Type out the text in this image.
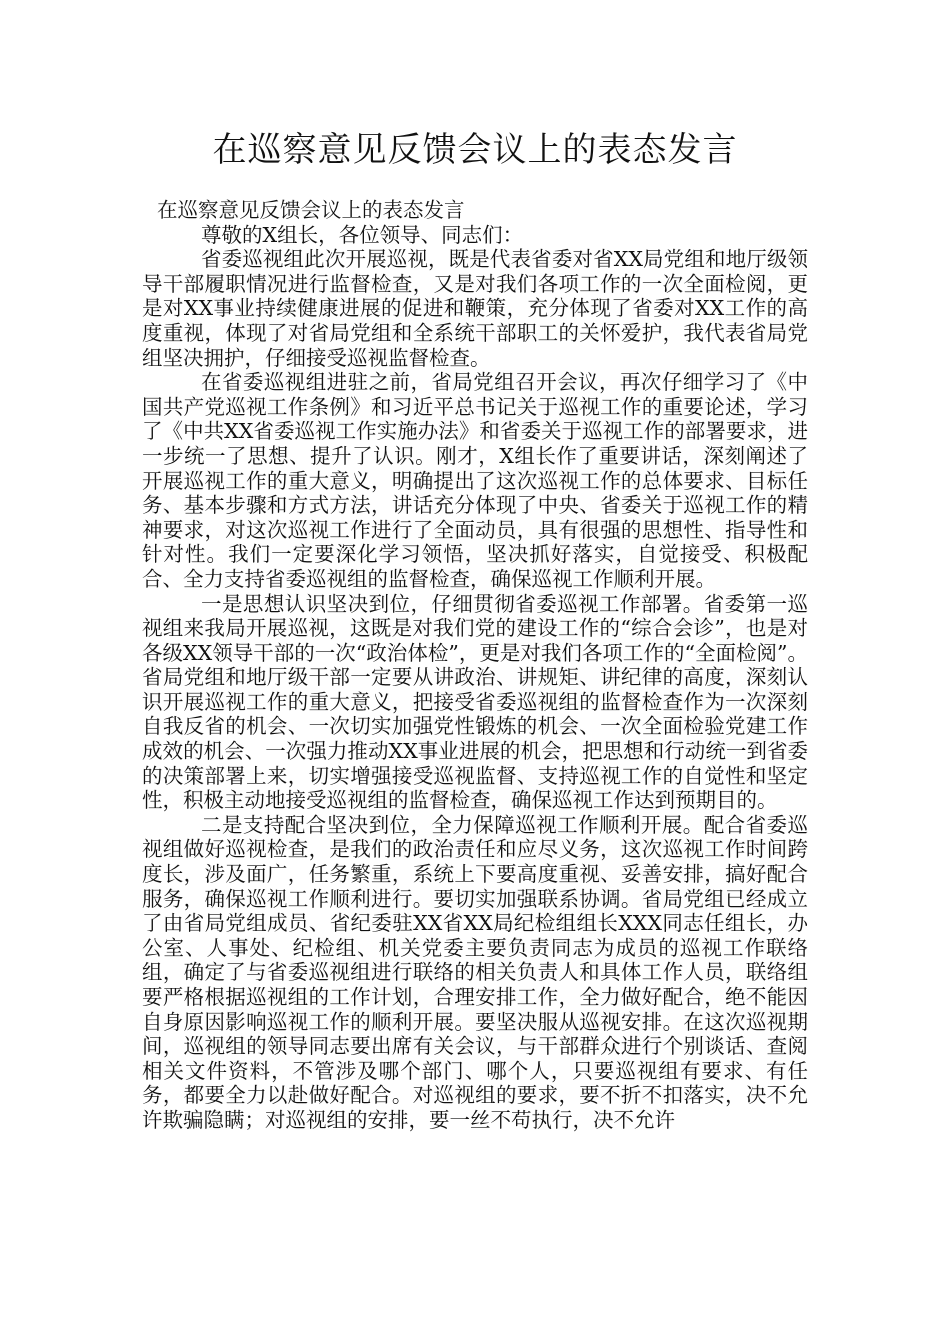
在巡察意见反馈会议上的表态发言

在巡察意见反馈会议上的表态发言

尊敬的X组长，各位领导、同志们：

省委巡视组此次开展巡视，既是代表省委对省XX局党组和地厅级领导干部履职情况进行监督检查，又是对我们各项工作的一次全面检阅，更是对XX事业持续健康进展的促进和鞭策，充分体现了省委对XX工作的高度重视，体现了对省局党组和全系统干部职工的关怀爱护，我代表省局党组坚决拥护，仔细接受巡视监督检查。

在省委巡视组进驻之前，省局党组召开会议，再次仔细学习了《中国共产党巡视工作条例》和习近平总书记关于巡视工作的重要论述，学习了《中共XX省委巡视工作实施办法》和省委关于巡视工作的部署要求，进一步统一了思想、提升了认识。刚才，X组长作了重要讲话，深刻阐述了开展巡视工作的重大意义，明确提出了这次巡视工作的总体要求、目标任务、基本步骤和方式方法，讲话充分体现了中央、省委关于巡视工作的精神要求，对这次巡视工作进行了全面动员，具有很强的思想性、指导性和针对性。我们一定要深化学习领悟，坚决抓好落实，自觉接受、积极配合、全力支持省委巡视组的监督检查，确保巡视工作顺利开展。

一是思想认识坚决到位，仔细贯彻省委巡视工作部署。省委第一巡视组来我局开展巡视，这既是对我们党的建设工作的“综合会诊”，也是对各级XX领导干部的一次“政治体检”，更是对我们各项工作的“全面检阅”。省局党组和地厅级干部一定要从讲政治、讲规矩、讲纪律的高度，深刻认识开展巡视工作的重大意义，把接受省委巡视组的监督检查作为一次深刻自我反省的机会、一次切实加强党性锻炼的机会、一次全面检验党建工作成效的机会、一次强力推动XX事业进展的机会，把思想和行动统一到省委的决策部署上来，切实增强接受巡视监督、支持巡视工作的自觉性和坚定性，积极主动地接受巡视组的监督检查，确保巡视工作达到预期目的。

二是支持配合坚决到位，全力保障巡视工作顺利开展。配合省委巡视组做好巡视检查，是我们的政治责任和应尽义务，这次巡视工作时间跨度长，涉及面广，任务繁重，系统上下要高度重视、妥善安排，搞好配合服务，确保巡视工作顺利进行。要切实加强联系协调。省局党组已经成立了由省局党组成员、省纪委驻XX省XX局纪检组组长XXX同志任组长，办公室、人事处、纪检组、机关党委主要负责同志为成员的巡视工作联络组，确定了与省委巡视组进行联络的相关负责人和具体工作人员，联络组要严格根据巡视组的工作计划，合理安排工作，全力做好配合，绝不能因自身原因影响巡视工作的顺利开展。要坚决服从巡视安排。在这次巡视期间，巡视组的领导同志要出席有关会议，与干部群众进行个别谈话、查阅相关文件资料，不管涉及哪个部门、哪个人，只要巡视组有要求、有任务，都要全力以赴做好配合。对巡视组的要求，要不折不扣落实，决不允许欺骗隐瞒；对巡视组的安排，要一丝不苟执行，决不允许
